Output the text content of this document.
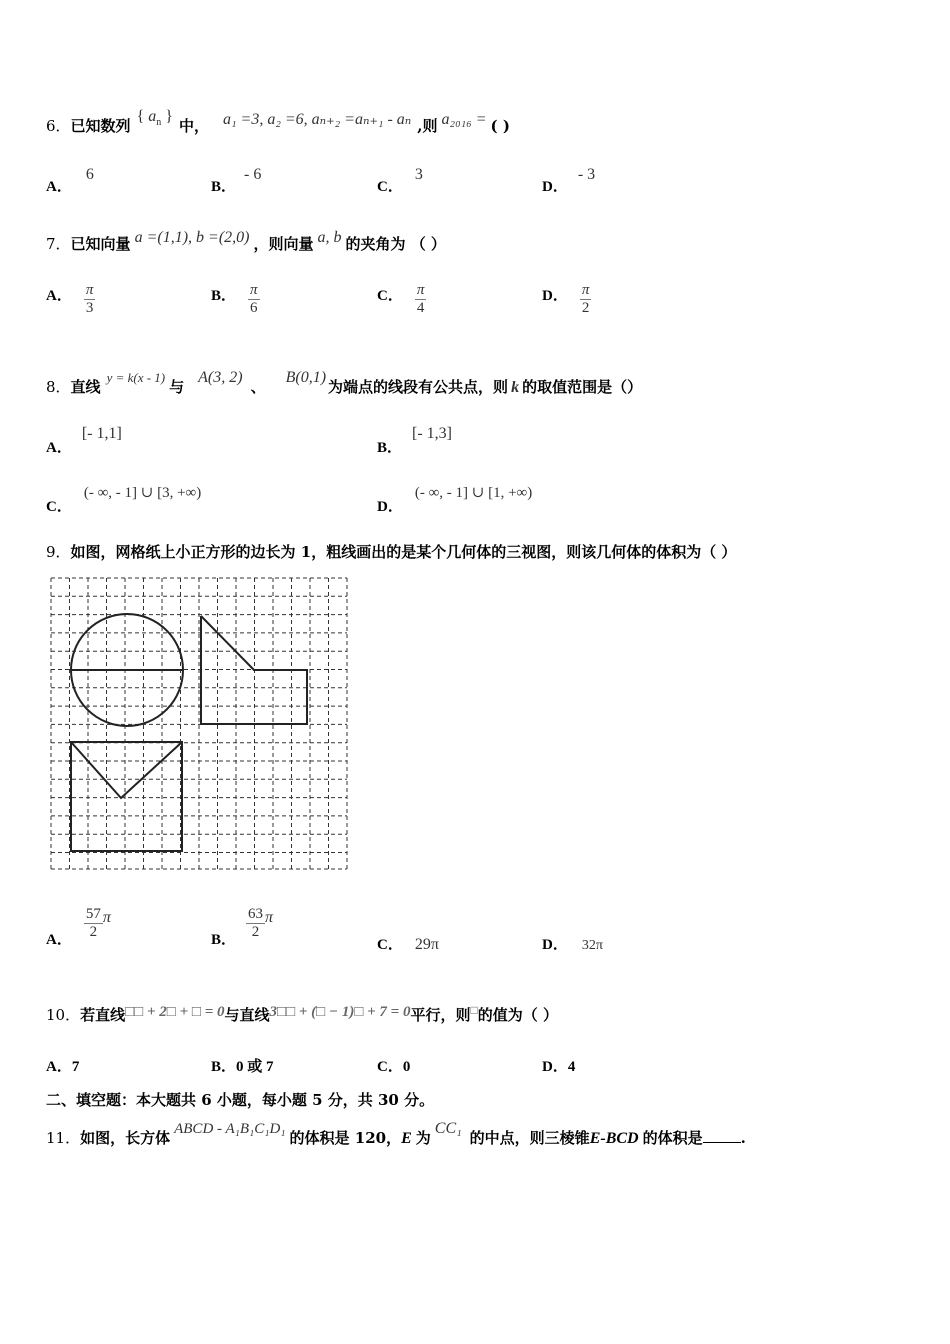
6．已知数列{ $a_n$ }中， a₁ =3, a₂ =6, aₙ₊₂ =aₙ₊₁ - aₙ ,则 a₂₀₁₆ = ( )
A．6
B．- 6
C．3
D．- 3
7．已知向量 a =(1,1), b =(2,0) ，则向量 a, b 的夹角为 （ ）
A． $\frac{\pi}{3}$	B． $\frac{\pi}{6}$	C． $\frac{\pi}{4}$	D． $\frac{\pi}{2}$
8．直线y = k(x - 1)与A(3, 2)、B(0,1)为端点的线段有公共点，则 k 的取值范围是（）
A．[- 1,1]
B．[- 1,3]
C．(- ∞, - 1] ∪ [3, +∞)
D．(- ∞, - 1] ∪ [1, +∞)
9．如图，网格纸上小正方形的边长为 1，粗线画出的是某个几何体的三视图，则该几何体的体积为（ ）
A． $\frac{57}{2}$ π
B． $\frac{63}{2}$ π
C． 29π	D． 32π
10．若直线□□ + 2□ + □ = 0与直线3□□ + (□ − 1)□ + 7 = 0平行，则□的值为（ ）
A．7	B．0 或 7	C．0	D．4
二、填空题：本大题共 6 小题，每小题 5 分，共 30 分。
11．如图，长方体 ABCD - A₁B₁C₁D₁ 的体积是 120，E 为CC₁的中点，则三棱锥E-BCD 的体积是	.
